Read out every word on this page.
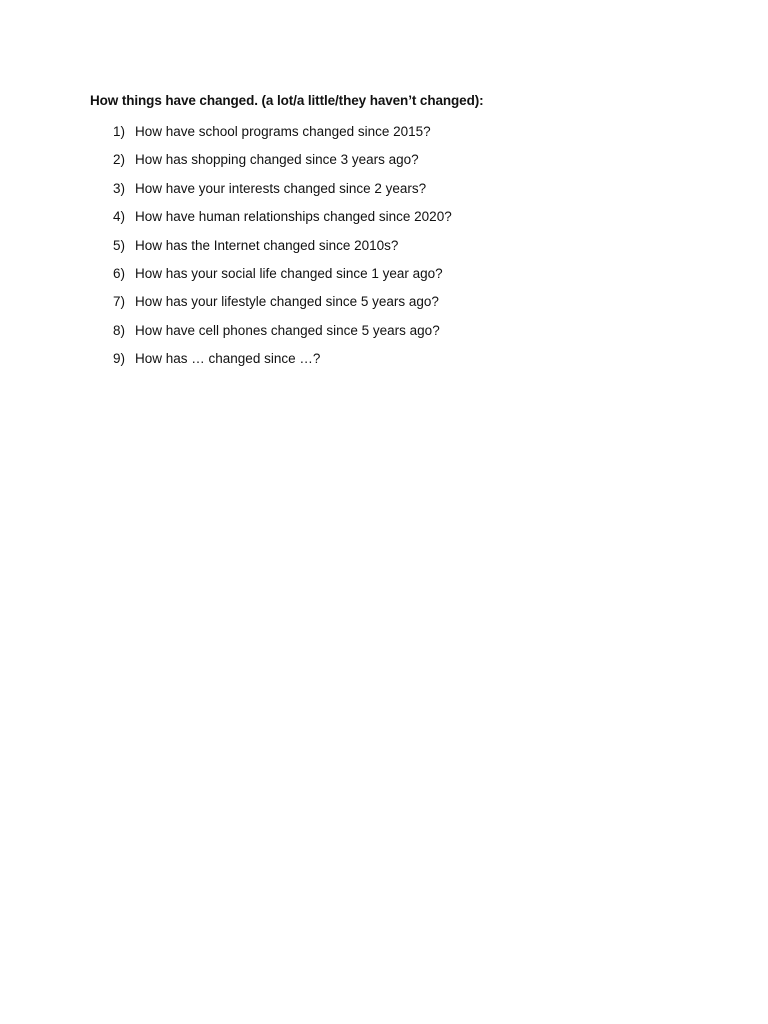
How things have changed. (a lot/a little/they haven’t changed):
1) How have school programs changed since 2015?
2) How has shopping changed since 3 years ago?
3) How have your interests changed since 2 years?
4) How have human relationships changed since 2020?
5) How has the Internet changed since 2010s?
6) How has your social life changed since 1 year ago?
7) How has your lifestyle changed since 5 years ago?
8) How have cell phones changed since 5 years ago?
9) How has … changed since …?
